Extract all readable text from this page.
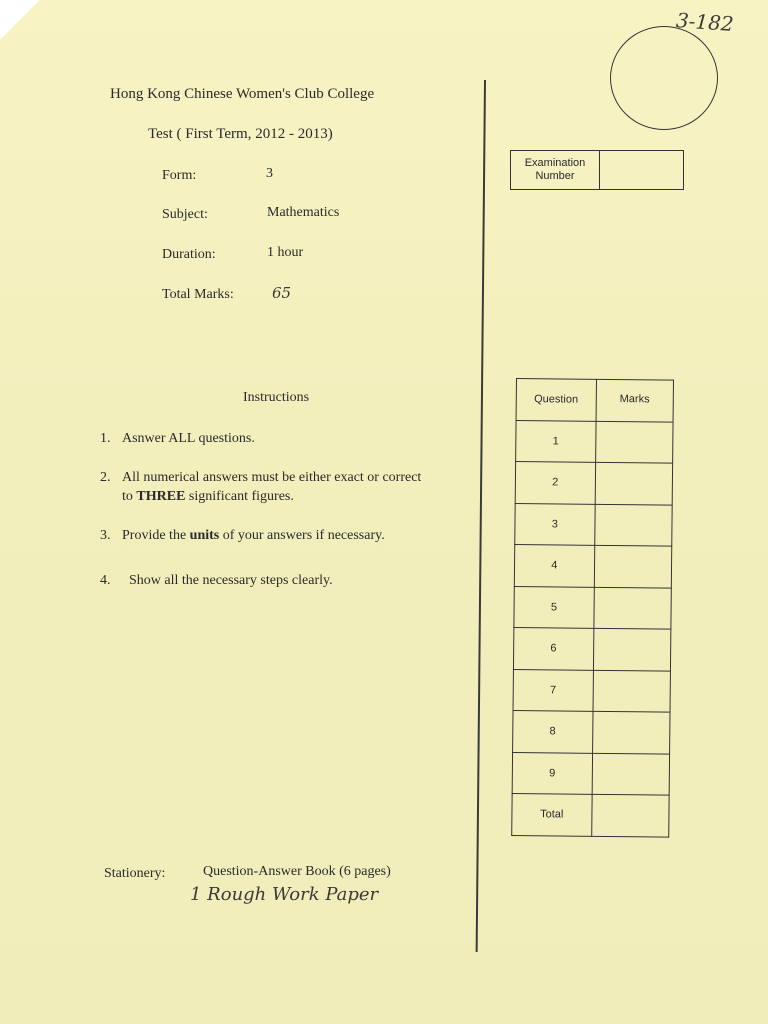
3-182
Hong Kong Chinese Women's Club College
Test ( First Term, 2012 - 2013)
Form:	3
Subject:	Mathematics
Duration:	1 hour
Total Marks:	65
Examination
Number
Instructions
1. Asnwer ALL questions.
2. All numerical answers must be either exact or correct
to THREE significant figures.
3. Provide the units of your answers if necessary.
4. Show all the necessary steps clearly.
Question	Marks
1	
2	
3	
4	
5	
6	
7	
8	
9	
Total	
Stationery:	Question-Answer Book (6 pages)
1 Rough Work Paper
